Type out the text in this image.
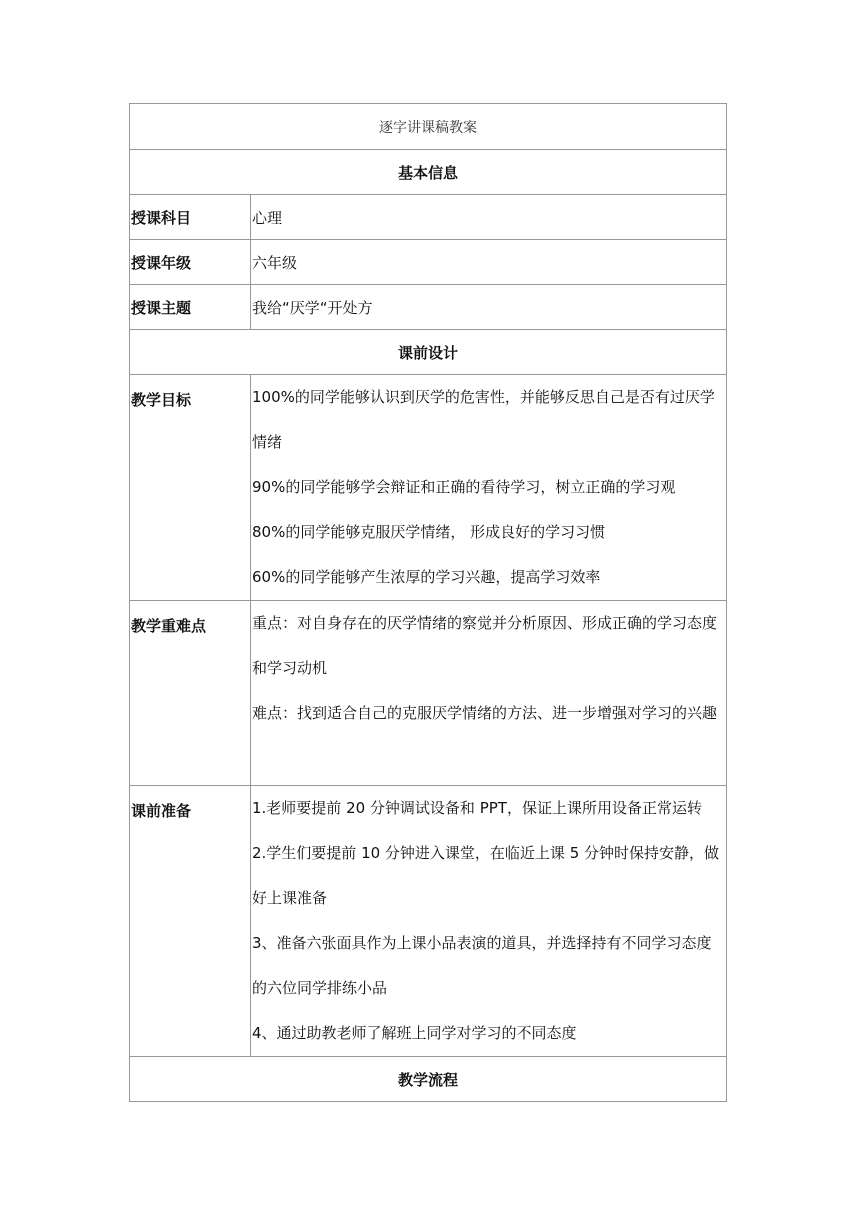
逐字讲课稿教案	
基本信息	
授课科目	心理
授课年级	六年级
授课主题	我给“厌学“开处方
课前设计	
教学目标	100%的同学能够认识到厌学的危害性，并能够反思自己是否有过厌学情绪
90%的同学能够学会辩证和正确的看待学习，树立正确的学习观
80%的同学能够克服厌学情绪， 形成良好的学习习惯
60%的同学能够产生浓厚的学习兴趣，提高学习效率

教学重难点	重点：对自身存在的厌学情绪的察觉并分析原因、形成正确的学习态度和学习动机
难点：找到适合自己的克服厌学情绪的方法、进一步增强对学习的兴趣

课前准备	1.老师要提前 20 分钟调试设备和 PPT，保证上课所用设备正常运转
2.学生们要提前 10 分钟进入课堂，在临近上课 5 分钟时保持安静，做好上课准备
3、准备六张面具作为上课小品表演的道具，并选择持有不同学习态度的六位同学排练小品
4、通过助教老师了解班上同学对学习的不同态度

教学流程	
